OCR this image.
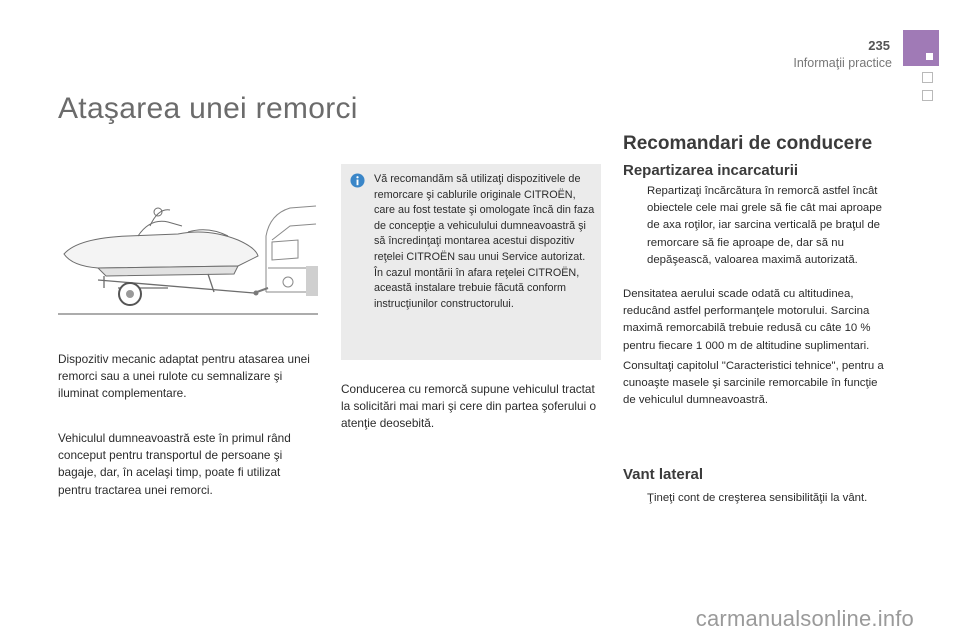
235
Informaţii practice
Ataşarea unei remorci

Dispozitiv mecanic adaptat pentru atasarea unei remorci sau a unei rulote cu semnalizare şi iluminat complementare.

Vehiculul dumneavoastră este în primul rând conceput pentru transportul de persoane şi bagaje, dar, în acelaşi timp, poate fi utilizat pentru tractarea unei remorci.

Vă recomandăm să utilizaţi dispozitivele de remorcare şi cablurile originale CITROËN, care au fost testate şi omologate încă din faza de concepţie a vehiculului dumneavoastră şi să încredinţaţi montarea acestui dispozitiv reţelei CITROËN sau unui Service autorizat.
În cazul montării în afara reţelei CITROËN, această instalare trebuie făcută conform instrucţiunilor constructorului.

Conducerea cu remorcă supune vehiculul tractat la solicitări mai mari şi cere din partea şoferului o atenţie deosebită.

Recomandari de conducere
Repartizarea incarcaturii
Repartizaţi încărcătura în remorcă astfel încât obiectele cele mai grele să fie cât mai aproape de axa roţilor, iar sarcina verticală pe braţul de remorcare să fie aproape de, dar să nu depăşească, valoarea maximă autorizată.

Densitatea aerului scade odată cu altitudinea, reducând astfel performanţele motorului. Sarcina maximă remorcabilă trebuie redusă cu câte 10 % pentru fiecare 1 000 m de altitudine suplimentari.

Consultaţi capitolul "Caracteristici tehnice", pentru a cunoaşte masele şi sarcinile remorcabile în funcţie de vehiculul dumneavoastră.

Vant lateral
Ţineţi cont de creşterea sensibilităţii la vânt.
carmanualsonline.info
